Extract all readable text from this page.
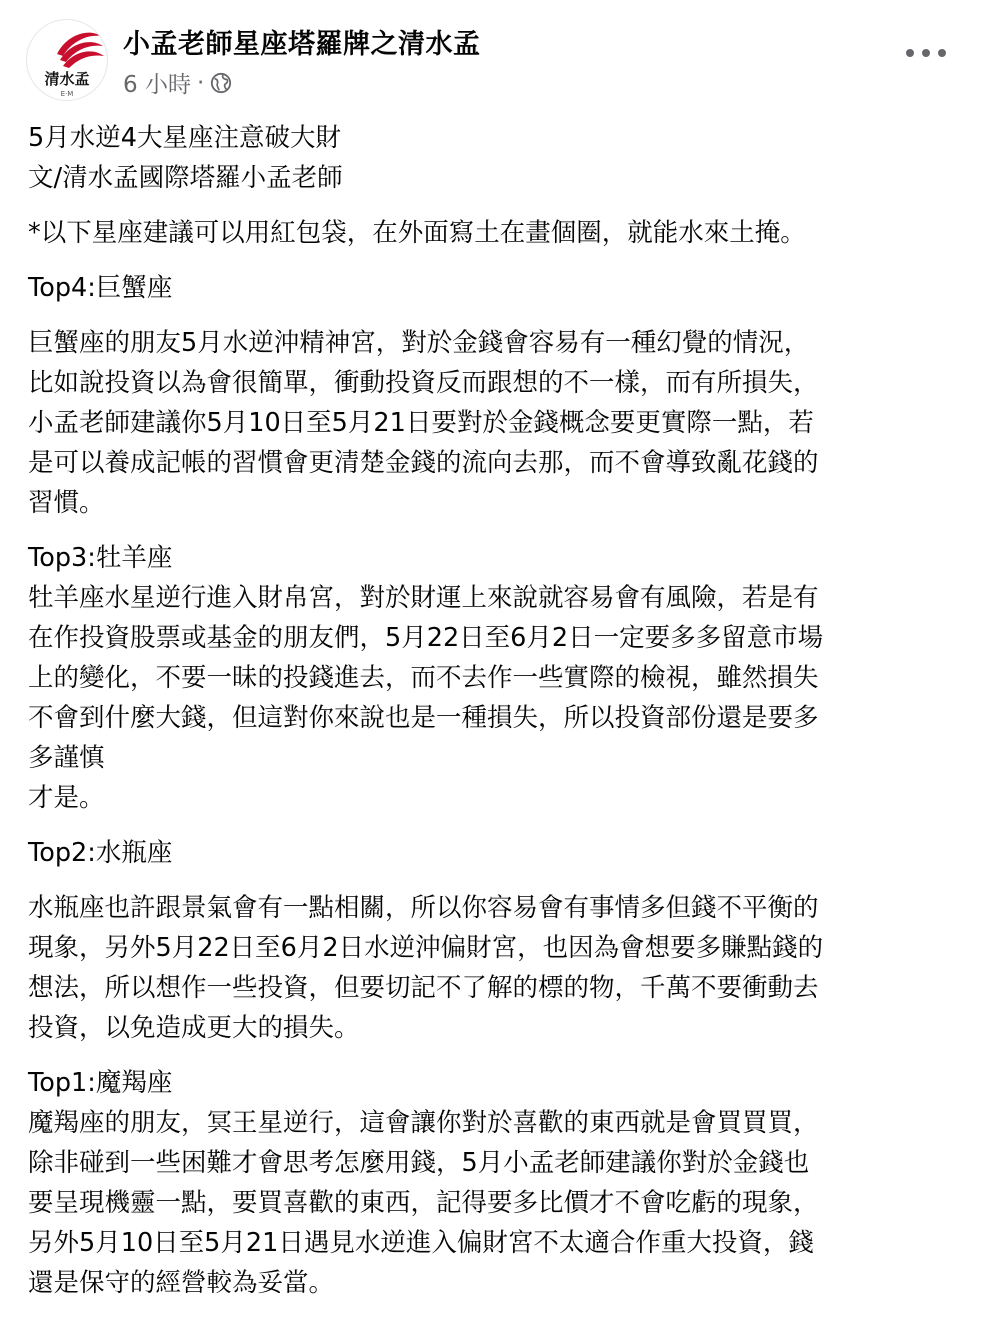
清水孟
E·M
小孟老師星座塔羅牌之清水孟
6 小時 ·

5月水逆4大星座注意破大財
文/清水孟國際塔羅小孟老師

*以下星座建議可以用紅包袋，在外面寫土在畫個圈，就能水來土掩。

Top4:巨蟹座

巨蟹座的朋友5月水逆沖精神宮，對於金錢會容易有一種幻覺的情況，
比如說投資以為會很簡單，衝動投資反而跟想的不一樣，而有所損失，
小孟老師建議你5月10日至5月21日要對於金錢概念要更實際一點，若
是可以養成記帳的習慣會更清楚金錢的流向去那，而不會導致亂花錢的
習慣。

Top3:牡羊座
牡羊座水星逆行進入財帛宮，對於財運上來說就容易會有風險，若是有
在作投資股票或基金的朋友們，5月22日至6月2日一定要多多留意市場
上的變化，不要一昧的投錢進去，而不去作一些實際的檢視，雖然損失
不會到什麼大錢，但這對你來說也是一種損失，所以投資部份還是要多
多謹慎
才是。

Top2:水瓶座

水瓶座也許跟景氣會有一點相關，所以你容易會有事情多但錢不平衡的
現象，另外5月22日至6月2日水逆沖偏財宮，也因為會想要多賺點錢的
想法，所以想作一些投資，但要切記不了解的標的物，千萬不要衝動去
投資，以免造成更大的損失。

Top1:魔羯座
魔羯座的朋友，冥王星逆行，這會讓你對於喜歡的東西就是會買買買，
除非碰到一些困難才會思考怎麼用錢，5月小孟老師建議你對於金錢也
要呈現機靈一點，要買喜歡的東西，記得要多比價才不會吃虧的現象，
另外5月10日至5月21日遇見水逆進入偏財宮不太適合作重大投資，錢
還是保守的經營較為妥當。
